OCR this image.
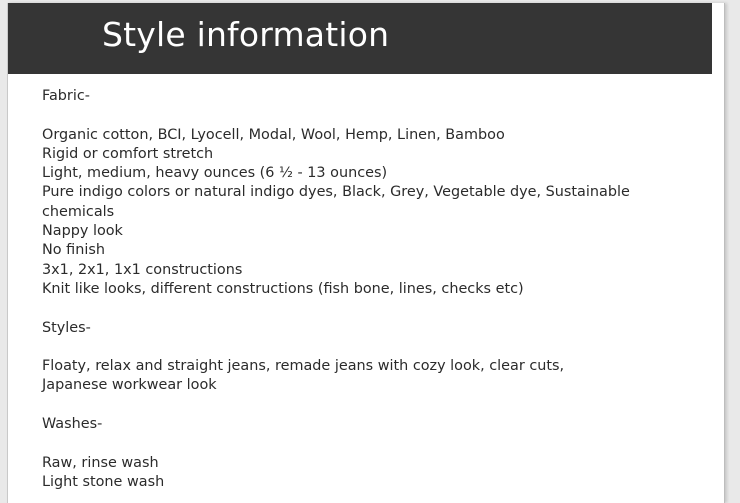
Style information
Fabric-
Organic cotton, BCI, Lyocell, Modal, Wool, Hemp, Linen, Bamboo
Rigid or comfort stretch
Light, medium, heavy ounces (6 ½ - 13 ounces)
Pure indigo colors or natural indigo dyes, Black, Grey, Vegetable dye, Sustainable
chemicals
Nappy look
No finish
3x1, 2x1, 1x1 constructions
Knit like looks, different constructions (fish bone, lines, checks etc)
Styles-
Floaty, relax and straight jeans, remade jeans with cozy look, clear cuts,
Japanese workwear look
Washes-
Raw, rinse wash
Light stone wash
